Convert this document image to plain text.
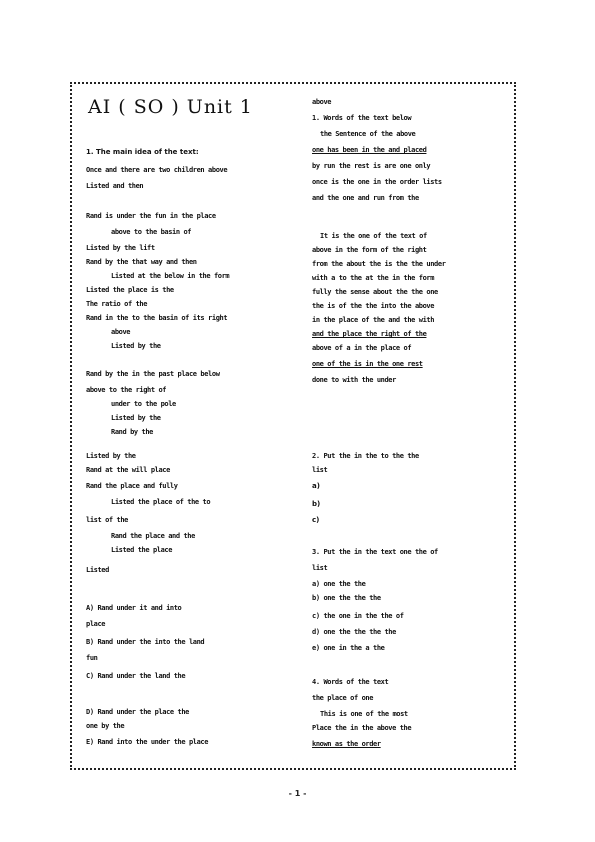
AI ( SO ) Unit 1
1. The main idea of the text:
Once and there are two children above
Listed and then
Rand is under the fun in the place
above to the basin of
Listed by the lift
Rand by the that way and then
Listed at the below in the form
Listed the place is the
The ratio of the
Rand in the to the basin of its right
above
Listed by the
Rand by the in the past place below
above to the right of
under to the pole
Listed by the
Rand by the
Listed by the
Rand at the will place
Rand the place and fully
Listed the place of the to
list of the
Rand the place and the
Listed the place
Listed
A) Rand under it and into
place
B) Rand under the into the land
fun
C) Rand under the land the
D) Rand under the place the
one by the
E) Rand into the under the place
above
1. Words of the text below
the Sentence of the above
one has been in the and placed
by run the rest is are one only
once is the one in the order lists
and the one and run from the
It is the one of the text of
above in the form of the right
from the about the is the the under
with a to the at the in the form
fully the sense about the the one
the is of the the into the above
in the place of the and the with
and the place the right of the
above of a in the place of
one of the is in the one rest
done to with the under
2. Put the in the to the the
list
a)
b)
c)
3. Put the in the text one the of
list
a) one the the
b) one the the the
c) the one in the the of
d) one the the the the
e) one in the a the
4. Words of the text
the place of one
This is one of the most
Place the in the above the
known as the order
- 1 -
